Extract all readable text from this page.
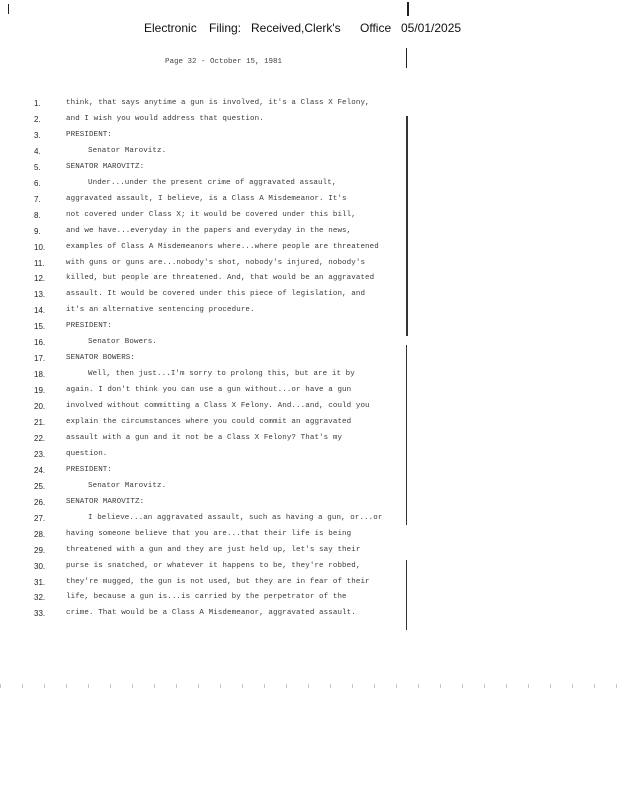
Electronic Filing: Received,Clerk's Office 05/01/2025
Page 32 - October 15, 1981
1.	think, that says anytime a gun is involved, it's a Class X Felony,
2.	and I wish you would address that question.
3.	PRESIDENT:
4.	Senator Marovitz.
5.	SENATOR MAROVITZ:
6.	Under...under the present crime of aggravated assault,
7.	aggravated assault, I believe, is a Class A Misdemeanor. It's
8.	not covered under Class X; it would be covered under this bill,
9.	and we have...everyday in the papers and everyday in the news,
10.	examples of Class A Misdemeanors where...where people are threatened
11.	with guns or guns are...nobody's shot, nobody's injured, nobody's
12.	killed, but people are threatened. And, that would be an aggravated
13.	assault. It would be covered under this piece of legislation, and
14.	it's an alternative sentencing procedure.
15.	PRESIDENT:
16.	Senator Bowers.
17.	SENATOR BOWERS:
18.	Well, then just...I'm sorry to prolong this, but are it by
19.	again. I don't think you can use a gun without...or have a gun
20.	involved without committing a Class X Felony. And...and, could you
21.	explain the circumstances where you could commit an aggravated
22.	assault with a gun and it not be a Class X Felony? That's my
23.	question.
24.	PRESIDENT:
25.	Senator Marovitz.
26.	SENATOR MAROVITZ:
27.	I believe...an aggravated assault, such as having a gun, or...or
28.	having someone believe that you are...that their life is being
29.	threatened with a gun and they are just held up, let's say their
30.	purse is snatched, or whatever it happens to be, they're robbed,
31.	they're mugged, the gun is not used, but they are in fear of their
32.	life, because a gun is...is carried by the perpetrator of the
33.	crime. That would be a Class A Misdemeanor, aggravated assault.
